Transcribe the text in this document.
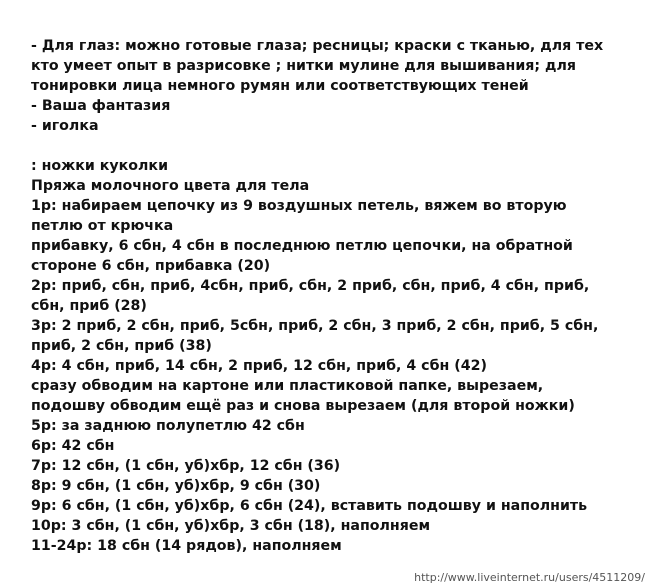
- Для глаз: можно готовые глаза; ресницы; краски с тканью, для тех
кто умеет опыт в разрисовке ; нитки мулине для вышивания; для
тонировки лица немного румян или соответствующих теней
- Ваша фантазия
- иголка
: ножки куколки
Пряжа молочного цвета для тела
1р: набираем цепочку из 9 воздушных петель, вяжем во вторую
петлю от крючка
прибавку, 6 сбн, 4 сбн в последнюю петлю цепочки, на обратной
стороне 6 сбн, прибавка (20)
2р: приб, сбн, приб, 4сбн, приб, сбн, 2 приб, сбн, приб, 4 сбн, приб,
сбн, приб (28)
3р: 2 приб, 2 сбн, приб, 5сбн, приб, 2 сбн, 3 приб, 2 сбн, приб, 5 сбн,
приб, 2 сбн, приб (38)
4р: 4 сбн, приб, 14 сбн, 2 приб, 12 сбн, приб, 4 сбн (42)
сразу обводим на картоне или пластиковой папке, вырезаем,
подошву обводим ещё раз и снова вырезаем (для второй ножки)
5р: за заднюю полупетлю 42 сбн
6р: 42 сбн
7р: 12 сбн, (1 сбн, уб)хбр, 12 сбн (36)
8р: 9 сбн, (1 сбн, уб)хбр, 9 сбн (30)
9р: 6 сбн, (1 сбн, уб)хбр, 6 сбн (24), вставить подошву и наполнить
10р: 3 сбн, (1 сбн, уб)хбр, 3 сбн (18), наполняем
11-24р: 18 сбн (14 рядов), наполняем
http://www.liveinternet.ru/users/4511209/
